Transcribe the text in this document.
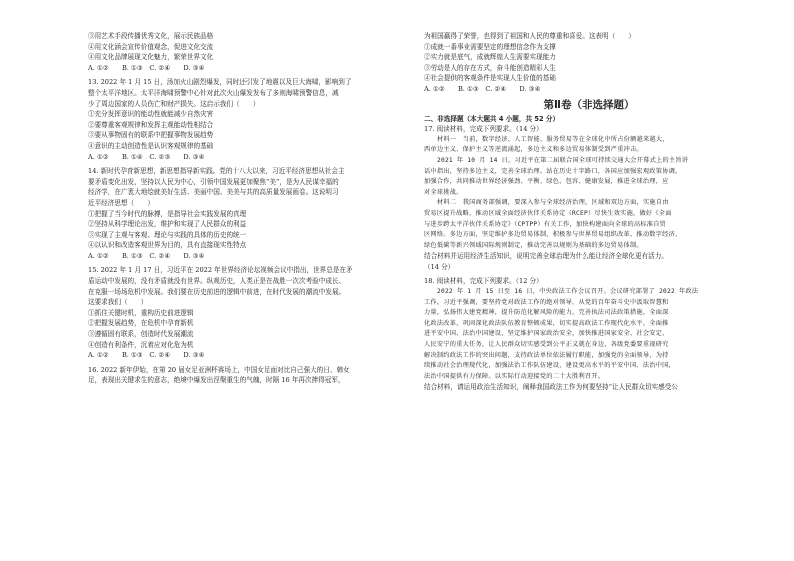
③用艺术手段传播优秀文化，展示民族品格
④用文化涵会宣传价值观念，促进文化交流
④用文化品牌展现文化魅力，繁荣世界文化
A. ①②　　B. ①③　C. ②④　　D. ③④
13. 2022 年 1 月 15 日，汤加火山剧烈爆发，同时还引发了地震以及巨大海啸，影响到了
整个太平洋地区。太平洋海啸预警中心针对此次火山爆发发布了多则海啸预警信息，减
少了周边国家的人员伤亡和财产损失。这启示我们（　　）
①充分发挥意识的能动性就能减少自然灾害
②要尊重客观规律和发挥主观能动性相结合
③要从事物固有的联系中把握事物发展趋势
④意识的主动创造性是认识客观规律的基础
A. ①②　　B. ①④　C. ②③　　D. ③④
14. 新时代孕育新思想，新思想指导新实践。党的十八大以来，习近平经济思想从社会主
要矛盾变化出发，坚持以人民为中心，引领中国发展更加聚焦“美”，是为人民谋幸福的
经济学，在广袤大地绘就美好生活、美丽中国、美美与共的高质量发展画卷。这说明习
近平经济思想（　　）
①把握了当今时代的脉搏，是指导社会实践发展的真理
②坚持从科学理论出发，维护和实现了人民群众的利益
③实现了主观与客观、理论与实践的具体的历史的统一
④以认识和改造客观世界为目的，具有直接现实性特点
A. ①②　　B. ①③　C. ②④　　D. ③④
15. 2022 年 1 月 17 日，习近平在 2022 年世界经济论坛视频会议中指出，世界总是在矛
盾运动中发展的，没有矛盾就没有世界。纵观历史，人类正是在战胜一次次考验中成长、
在克服一场场危机中发展。我们要在历史前进的逻辑中前进，在时代发展的潮流中发展。
这要求我们（　　）
①抓住关键时机，重构历史前进逻辑
②把握发展趋势，在危机中孕育新机
③遵循固有联系，创造时代发展潮流
④创造有利条件，沉着应对化危为机
A. ①②　　B. ①③　C. ②④　　D. ③④
16. 2022 新年伊始，在第 20 届女足亚洲杯赛场上，中国女足面对比自己强大的日、韩女
足，表现出关键求生的意志，绝境中爆发出涅槃重生的气魄，时隔 16 年再次捧得冠军，
为祖国赢得了荣誉，也得到了祖国和人民的尊重和喜爱。这表明（　　）
①成就一番事业需要坚定的理想信念作为支撑
②实力就是底气，成就辉煌人生需要实现能力
③劳动是人的存在方式，奋斗能创造精彩人生
④社会提供的客观条件是实现人生价值的基础
A. ①②　　B. ①③　C. ②④　　D. ③④
第Ⅱ卷（非选择题）
二、非选择题（本大题共 4 小题，共 52 分）
17. 阅读材料，完成下列要求。（14 分）
材料一　当前，数字经济、人工智能、服务贸易等在全球化中所占份额越来越大，
西单边主义、保护主义等逆流涌起，多边主义和多边贸易体制受到严重冲击。
2021 年 10 月 14 日，习近平在第二届联合国全球可持续交通大会开幕式上的主旨讲
话中指出，坚持多边主义，完善全球治理。站在历史十字路口，各国应加强宏观政策协调，
加强合作，共同推动世界经济强劲、平衡、绿色、包容、健康发展，推进全球治理，应
对全球挑战。
材料二　我国商务部强调，要深入参与全球经济治理，区域和双边方面，实施自由
贸易区提升战略，推动区域全面经济伙伴关系协定（RCEP）尽快生效实施，做好《全面
与进步跨太平洋伙伴关系协定》（CPTPP）有关工作，加快构建面向全球的高标准自贸
区网络。多边方面，坚定维护多边贸易体制，积极参与世界贸易组织改革，推动数字经济、
绿色低碳等新兴领域国际规则制定，推动完善以规则为基础的多边贸易体制。
结合材料并运用经济生活知识，说明完善全球治理为什么能让经济全球化更有活力。
（14 分）
18. 阅读材料，完成下列要求。（12 分）
2022 年 1 月 15 日至 16 日，中央政法工作会议召开。会议研究部署了 2022 年政法
工作，习近平强调，要坚持党对政法工作的绝对领导，从党的百年奋斗史中汲取智慧和
力量，弘扬伟大建党精神，提升防范化解风险的能力，完善执法司法政策措施，全面深
化政法改革，巩固深化政法队伍教育整顿成果，切实提高政法工作现代化水平，全面推
进平安中国、法治中国建设，坚定维护国家政治安全，加快推进国家安全、社会安定、
人民安宁的重大任务，让人民群众切实感受到公平正义就在身边，各级党委要重视研究
解决制约政法工作的突出问题，支持政法单位依法履行职能，加强党的全面领导，为持
续推动社会治理现代化，加强法治工作队伍建设，建设更高水平的平安中国、法治中国，
法治中国提供有力保障。以实际行动迎接党的二十大胜利召开。
结合材料，请运用政治生活知识，阐释我国政法工作为何要坚持“让人民群众切实感受公
